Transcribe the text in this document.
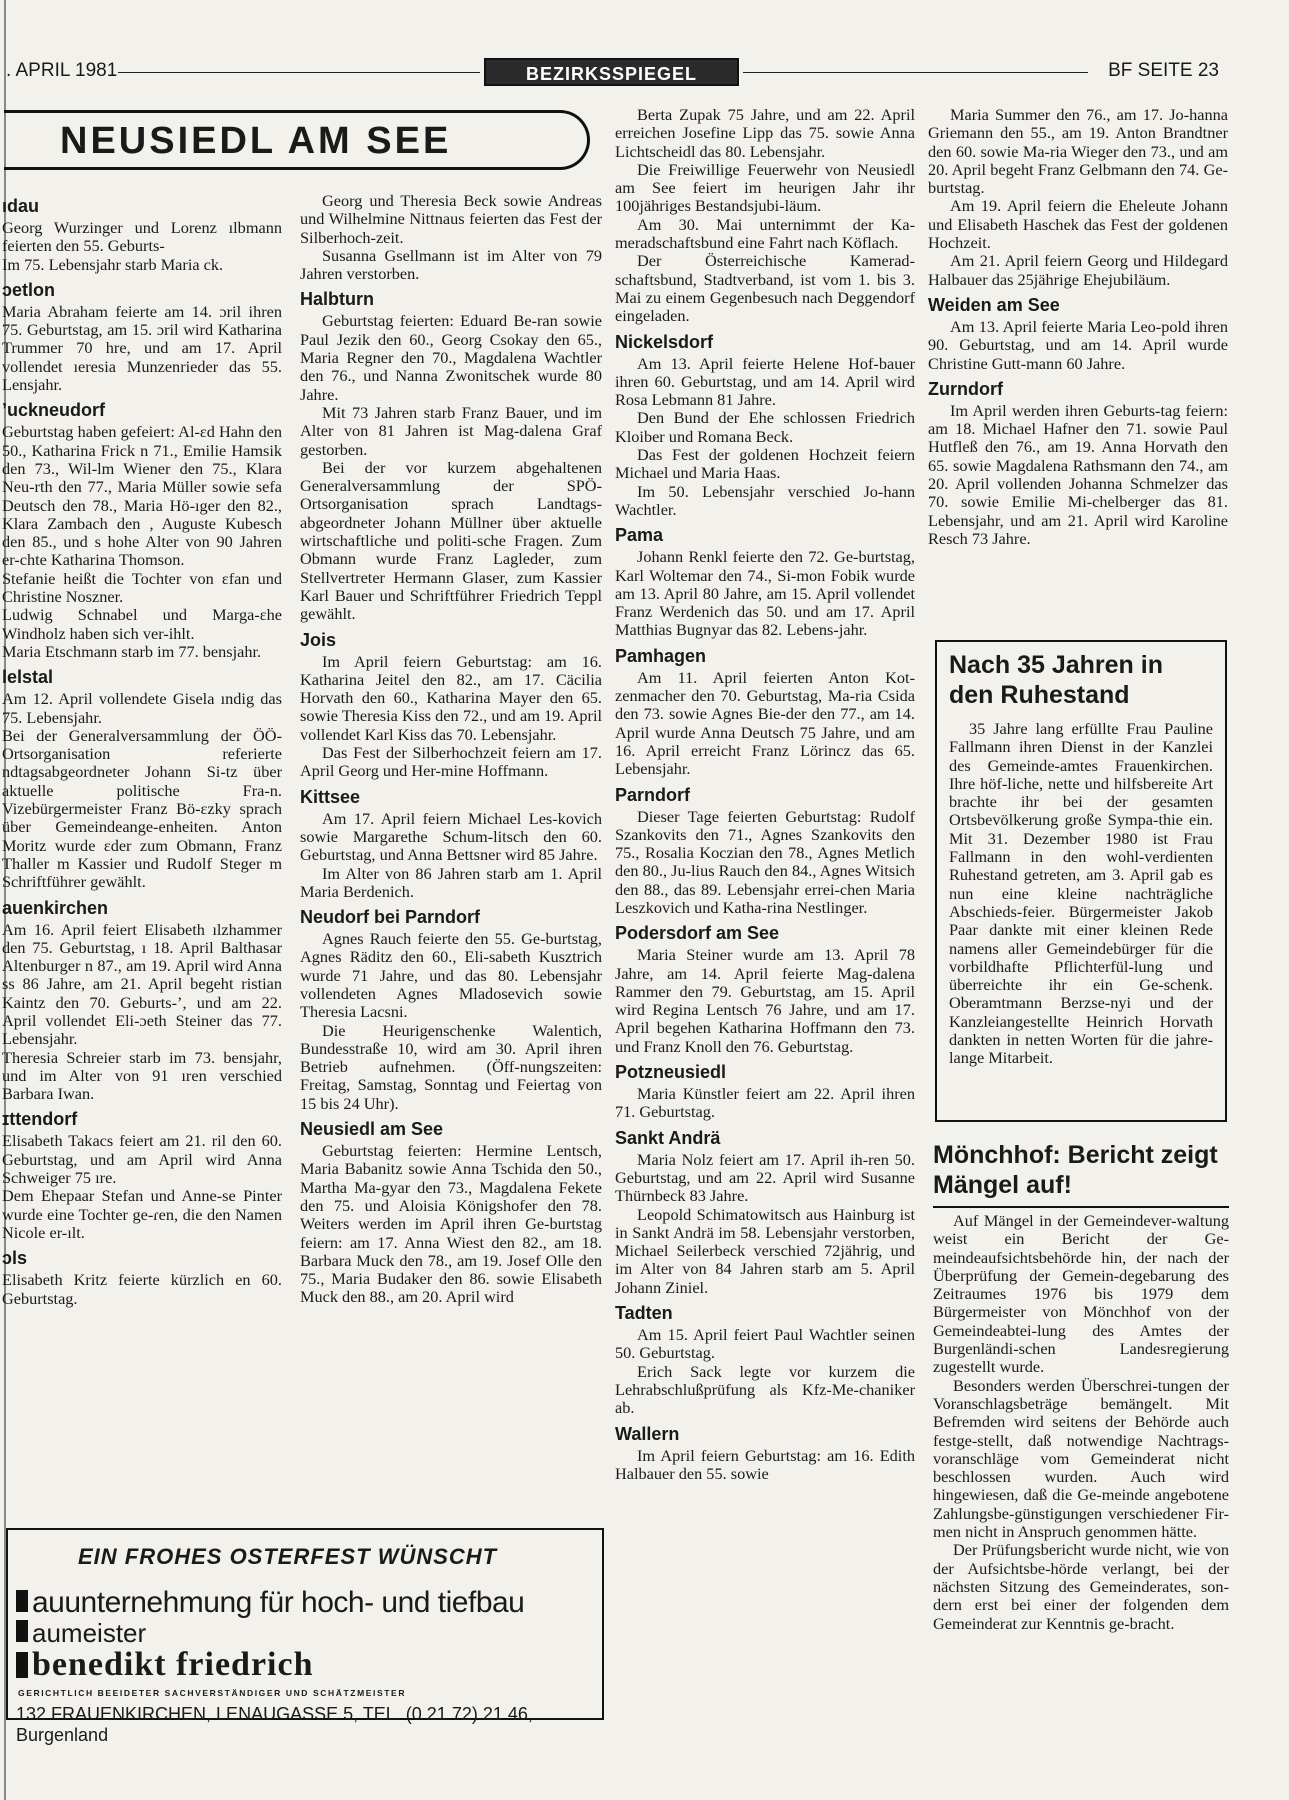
. APRIL 1981	BEZIRKSSPIEGEL	BF SEITE 23
NEUSIEDL AM SEE
ıdau

Georg Wurzinger und Lorenz ılbmann feierten den 55. Geburts-

Im 75. Lebensjahr starb Maria ck.

ɔetlon

Maria Abraham feierte am 14. ɔril ihren 75. Geburtstag, am 15. ɔril wird Katharina Trummer 70 hre, und am 17. April vollendet ıeresia Munzenrieder das 55. Lensjahr.

ʼuckneudorf

Geburtstag haben gefeiert: Al-ɛd Hahn den 50., Katharina Frick n 71., Emilie Hamsik den 73., Wil-lm Wiener den 75., Klara Neu-rth den 77., Maria Müller sowie sefa Deutsch den 78., Maria Hö-ıger den 82., Klara Zambach den , Auguste Kubesch den 85., und s hohe Alter von 90 Jahren er-chte Katharina Thomson.

Stefanie heißt die Tochter von ɛfan und Christine Noszner.

Ludwig Schnabel und Marga-ɛhe Windholz haben sich ver-ihlt.

Maria Etschmann starb im 77. bensjahr.

lelstal

Am 12. April vollendete Gisela ındig das 75. Lebensjahr.

Bei der Generalversammlung der ÖÖ-Ortsorganisation referierte ndtagsabgeordneter Johann Si-tz über aktuelle politische Fra-n. Vizebürgermeister Franz Bö-ɛzky sprach über Gemeindeange-enheiten. Anton Moritz wurde ɛder zum Obmann, Franz Thaller m Kassier und Rudolf Steger m Schriftführer gewählt.

auenkirchen

Am 16. April feiert Elisabeth ılzhammer den 75. Geburtstag, ı 18. April Balthasar Altenburger n 87., am 19. April wird Anna ss 86 Jahre, am 21. April begeht ristian Kaintz den 70. Geburts-ʼ, und am 22. April vollendet Eli-ɔeth Steiner das 77. Lebensjahr.

Theresia Schreier starb im 73. bensjahr, und im Alter von 91 ıren verschied Barbara Iwan.

ɪttendorf

Elisabeth Takacs feiert am 21. ril den 60. Geburtstag, und am April wird Anna Schweiger 75 ıre.

Dem Ehepaar Stefan und Anne-se Pinter wurde eine Tochter ge-ɾen, die den Namen Nicole er-ılt.

ɔls

Elisabeth Kritz feierte kürzlich en 60. Geburtstag.

Georg und Theresia Beck sowie Andreas und Wilhelmine Nittnaus feierten das Fest der Silberhoch-zeit.

Susanna Gsellmann ist im Alter von 79 Jahren verstorben.

Halbturn

Geburtstag feierten: Eduard Be-ran sowie Paul Jezik den 60., Georg Csokay den 65., Maria Regner den 70., Magdalena Wachtler den 76., und Nanna Zwonitschek wurde 80 Jahre.

Mit 73 Jahren starb Franz Bauer, und im Alter von 81 Jahren ist Mag-dalena Graf gestorben.

Bei der vor kurzem abgehaltenen Generalversammlung der SPÖ-Ortsorganisation sprach Landtags-abgeordneter Johann Müllner über aktuelle wirtschaftliche und politi-sche Fragen. Zum Obmann wurde Franz Lagleder, zum Stellvertreter Hermann Glaser, zum Kassier Karl Bauer und Schriftführer Friedrich Teppl gewählt.

Jois

Im April feiern Geburtstag: am 16. Katharina Jeitel den 82., am 17. Cäcilia Horvath den 60., Katharina Mayer den 65. sowie Theresia Kiss den 72., und am 19. April vollendet Karl Kiss das 70. Lebensjahr.

Das Fest der Silberhochzeit feiern am 17. April Georg und Her-mine Hoffmann.

Kittsee

Am 17. April feiern Michael Les-kovich sowie Margarethe Schum-litsch den 60. Geburtstag, und Anna Bettsner wird 85 Jahre.

Im Alter von 86 Jahren starb am 1. April Maria Berdenich.

Neudorf bei Parndorf

Agnes Rauch feierte den 55. Ge-burtstag, Agnes Räditz den 60., Eli-sabeth Kusztrich wurde 71 Jahre, und das 80. Lebensjahr vollendeten Agnes Mladosevich sowie Theresia Lacsni.

Die Heurigenschenke Walentich, Bundesstraße 10, wird am 30. April ihren Betrieb aufnehmen. (Öff-nungszeiten: Freitag, Samstag, Sonntag und Feiertag von 15 bis 24 Uhr).

Neusiedl am See

Geburtstag feierten: Hermine Lentsch, Maria Babanitz sowie Anna Tschida den 50., Martha Ma-gyar den 73., Magdalena Fekete den 75. und Aloisia Königshofer den 78. Weiters werden im April ihren Ge-burtstag feiern: am 17. Anna Wiest den 82., am 18. Barbara Muck den 78., am 19. Josef Olle den 75., Maria Budaker den 86. sowie Elisabeth Muck den 88., am 20. April wird

Berta Zupak 75 Jahre, und am 22. April erreichen Josefine Lipp das 75. sowie Anna Lichtscheidl das 80. Lebensjahr.

Die Freiwillige Feuerwehr von Neusiedl am See feiert im heurigen Jahr ihr 100jähriges Bestandsjubi-läum.

Am 30. Mai unternimmt der Ka-meradschaftsbund eine Fahrt nach Köflach.

Der Österreichische Kamerad-schaftsbund, Stadtverband, ist vom 1. bis 3. Mai zu einem Gegenbesuch nach Deggendorf eingeladen.

Nickelsdorf

Am 13. April feierte Helene Hof-bauer ihren 60. Geburtstag, und am 14. April wird Rosa Lebmann 81 Jahre.

Den Bund der Ehe schlossen Friedrich Kloiber und Romana Beck.

Das Fest der goldenen Hochzeit feiern Michael und Maria Haas.

Im 50. Lebensjahr verschied Jo-hann Wachtler.

Pama

Johann Renkl feierte den 72. Ge-burtstag, Karl Woltemar den 74., Si-mon Fobik wurde am 13. April 80 Jahre, am 15. April vollendet Franz Werdenich das 50. und am 17. April Matthias Bugnyar das 82. Lebens-jahr.

Pamhagen

Am 11. April feierten Anton Kot-zenmacher den 70. Geburtstag, Ma-ria Csida den 73. sowie Agnes Bie-der den 77., am 14. April wurde Anna Deutsch 75 Jahre, und am 16. April erreicht Franz Lörincz das 65. Lebensjahr.

Parndorf

Dieser Tage feierten Geburtstag: Rudolf Szankovits den 71., Agnes Szankovits den 75., Rosalia Koczian den 78., Agnes Metlich den 80., Ju-lius Rauch den 84., Agnes Witsich den 88., das 89. Lebensjahr errei-chen Maria Leszkovich und Katha-rina Nestlinger.

Podersdorf am See

Maria Steiner wurde am 13. April 78 Jahre, am 14. April feierte Mag-dalena Rammer den 79. Geburtstag, am 15. April wird Regina Lentsch 76 Jahre, und am 17. April begehen Katharina Hoffmann den 73. und Franz Knoll den 76. Geburtstag.

Potzneusiedl

Maria Künstler feiert am 22. April ihren 71. Geburtstag.

Sankt Andrä

Maria Nolz feiert am 17. April ih-ren 50. Geburtstag, und am 22. April wird Susanne Thürnbeck 83 Jahre.

Leopold Schimatowitsch aus Hainburg ist in Sankt Andrä im 58. Lebensjahr verstorben, Michael Seilerbeck verschied 72jährig, und im Alter von 84 Jahren starb am 5. April Johann Ziniel.

Tadten

Am 15. April feiert Paul Wachtler seinen 50. Geburtstag.

Erich Sack legte vor kurzem die Lehrabschlußprüfung als Kfz-Me-chaniker ab.

Wallern

Im April feiern Geburtstag: am 16. Edith Halbauer den 55. sowie

Maria Summer den 76., am 17. Jo-hanna Griemann den 55., am 19. Anton Brandtner den 60. sowie Ma-ria Wieger den 73., und am 20. April begeht Franz Gelbmann den 74. Ge-burtstag.

Am 19. April feiern die Eheleute Johann und Elisabeth Haschek das Fest der goldenen Hochzeit.

Am 21. April feiern Georg und Hildegard Halbauer das 25jährige Ehejubiläum.

Weiden am See

Am 13. April feierte Maria Leo-pold ihren 90. Geburtstag, und am 14. April wurde Christine Gutt-mann 60 Jahre.

Zurndorf

Im April werden ihren Geburts-tag feiern: am 18. Michael Hafner den 71. sowie Paul Hutfleß den 76., am 19. Anna Horvath den 65. sowie Magdalena Rathsmann den 74., am 20. April vollenden Johanna Schmelzer das 70. sowie Emilie Mi-chelberger das 81. Lebensjahr, und am 21. April wird Karoline Resch 73 Jahre.

Nach 35 Jahren in den Ruhestand

35 Jahre lang erfüllte Frau Pauline Fallmann ihren Dienst in der Kanzlei des Gemeinde-amtes Frauenkirchen. Ihre höf-liche, nette und hilfsbereite Art brachte ihr bei der gesamten Ortsbevölkerung große Sympa-thie ein. Mit 31. Dezember 1980 ist Frau Fallmann in den wohl-verdienten Ruhestand getreten, am 3. April gab es nun eine kleine nachträgliche Abschieds-feier. Bürgermeister Jakob Paar dankte mit einer kleinen Rede namens aller Gemeindebürger für die vorbildhafte Pflichterfül-lung und überreichte ihr ein Ge-schenk. Oberamtmann Berzse-nyi und der Kanzleiangestellte Heinrich Horvath dankten in netten Worten für die jahre-lange Mitarbeit.

Mönchhof: Bericht zeigt Mängel auf!

Auf Mängel in der Gemeindever-waltung weist ein Bericht der Ge-meindeaufsichtsbehörde hin, der nach der Überprüfung der Gemein-degebarung des Zeitraumes 1976 bis 1979 dem Bürgermeister von Mönchhof von der Gemeindeabtei-lung des Amtes der Burgenländi-schen Landesregierung zugestellt wurde.

Besonders werden Überschrei-tungen der Voranschlagsbeträge bemängelt. Mit Befremden wird seitens der Behörde auch festge-stellt, daß notwendige Nachtrags-voranschläge vom Gemeinderat nicht beschlossen wurden. Auch wird hingewiesen, daß die Ge-meinde angebotene Zahlungsbe-günstigungen verschiedener Fir-men nicht in Anspruch genommen hätte.

Der Prüfungsbericht wurde nicht, wie von der Aufsichtsbe-hörde verlangt, bei der nächsten Sitzung des Gemeinderates, son-dern erst bei einer der folgenden dem Gemeinderat zur Kenntnis ge-bracht.

EIN FROHES OSTERFEST WÜNSCHT
auunternehmung für hoch- und tiefbau
aumeister
benedikt friedrich
GERICHTLICH BEEIDETER SACHVERSTÄNDIGER UND SCHÄTZMEISTER
132 FRAUENKIRCHEN, LENAUGASSE 5, TEL. (0 21 72) 21 46, Burgenland
